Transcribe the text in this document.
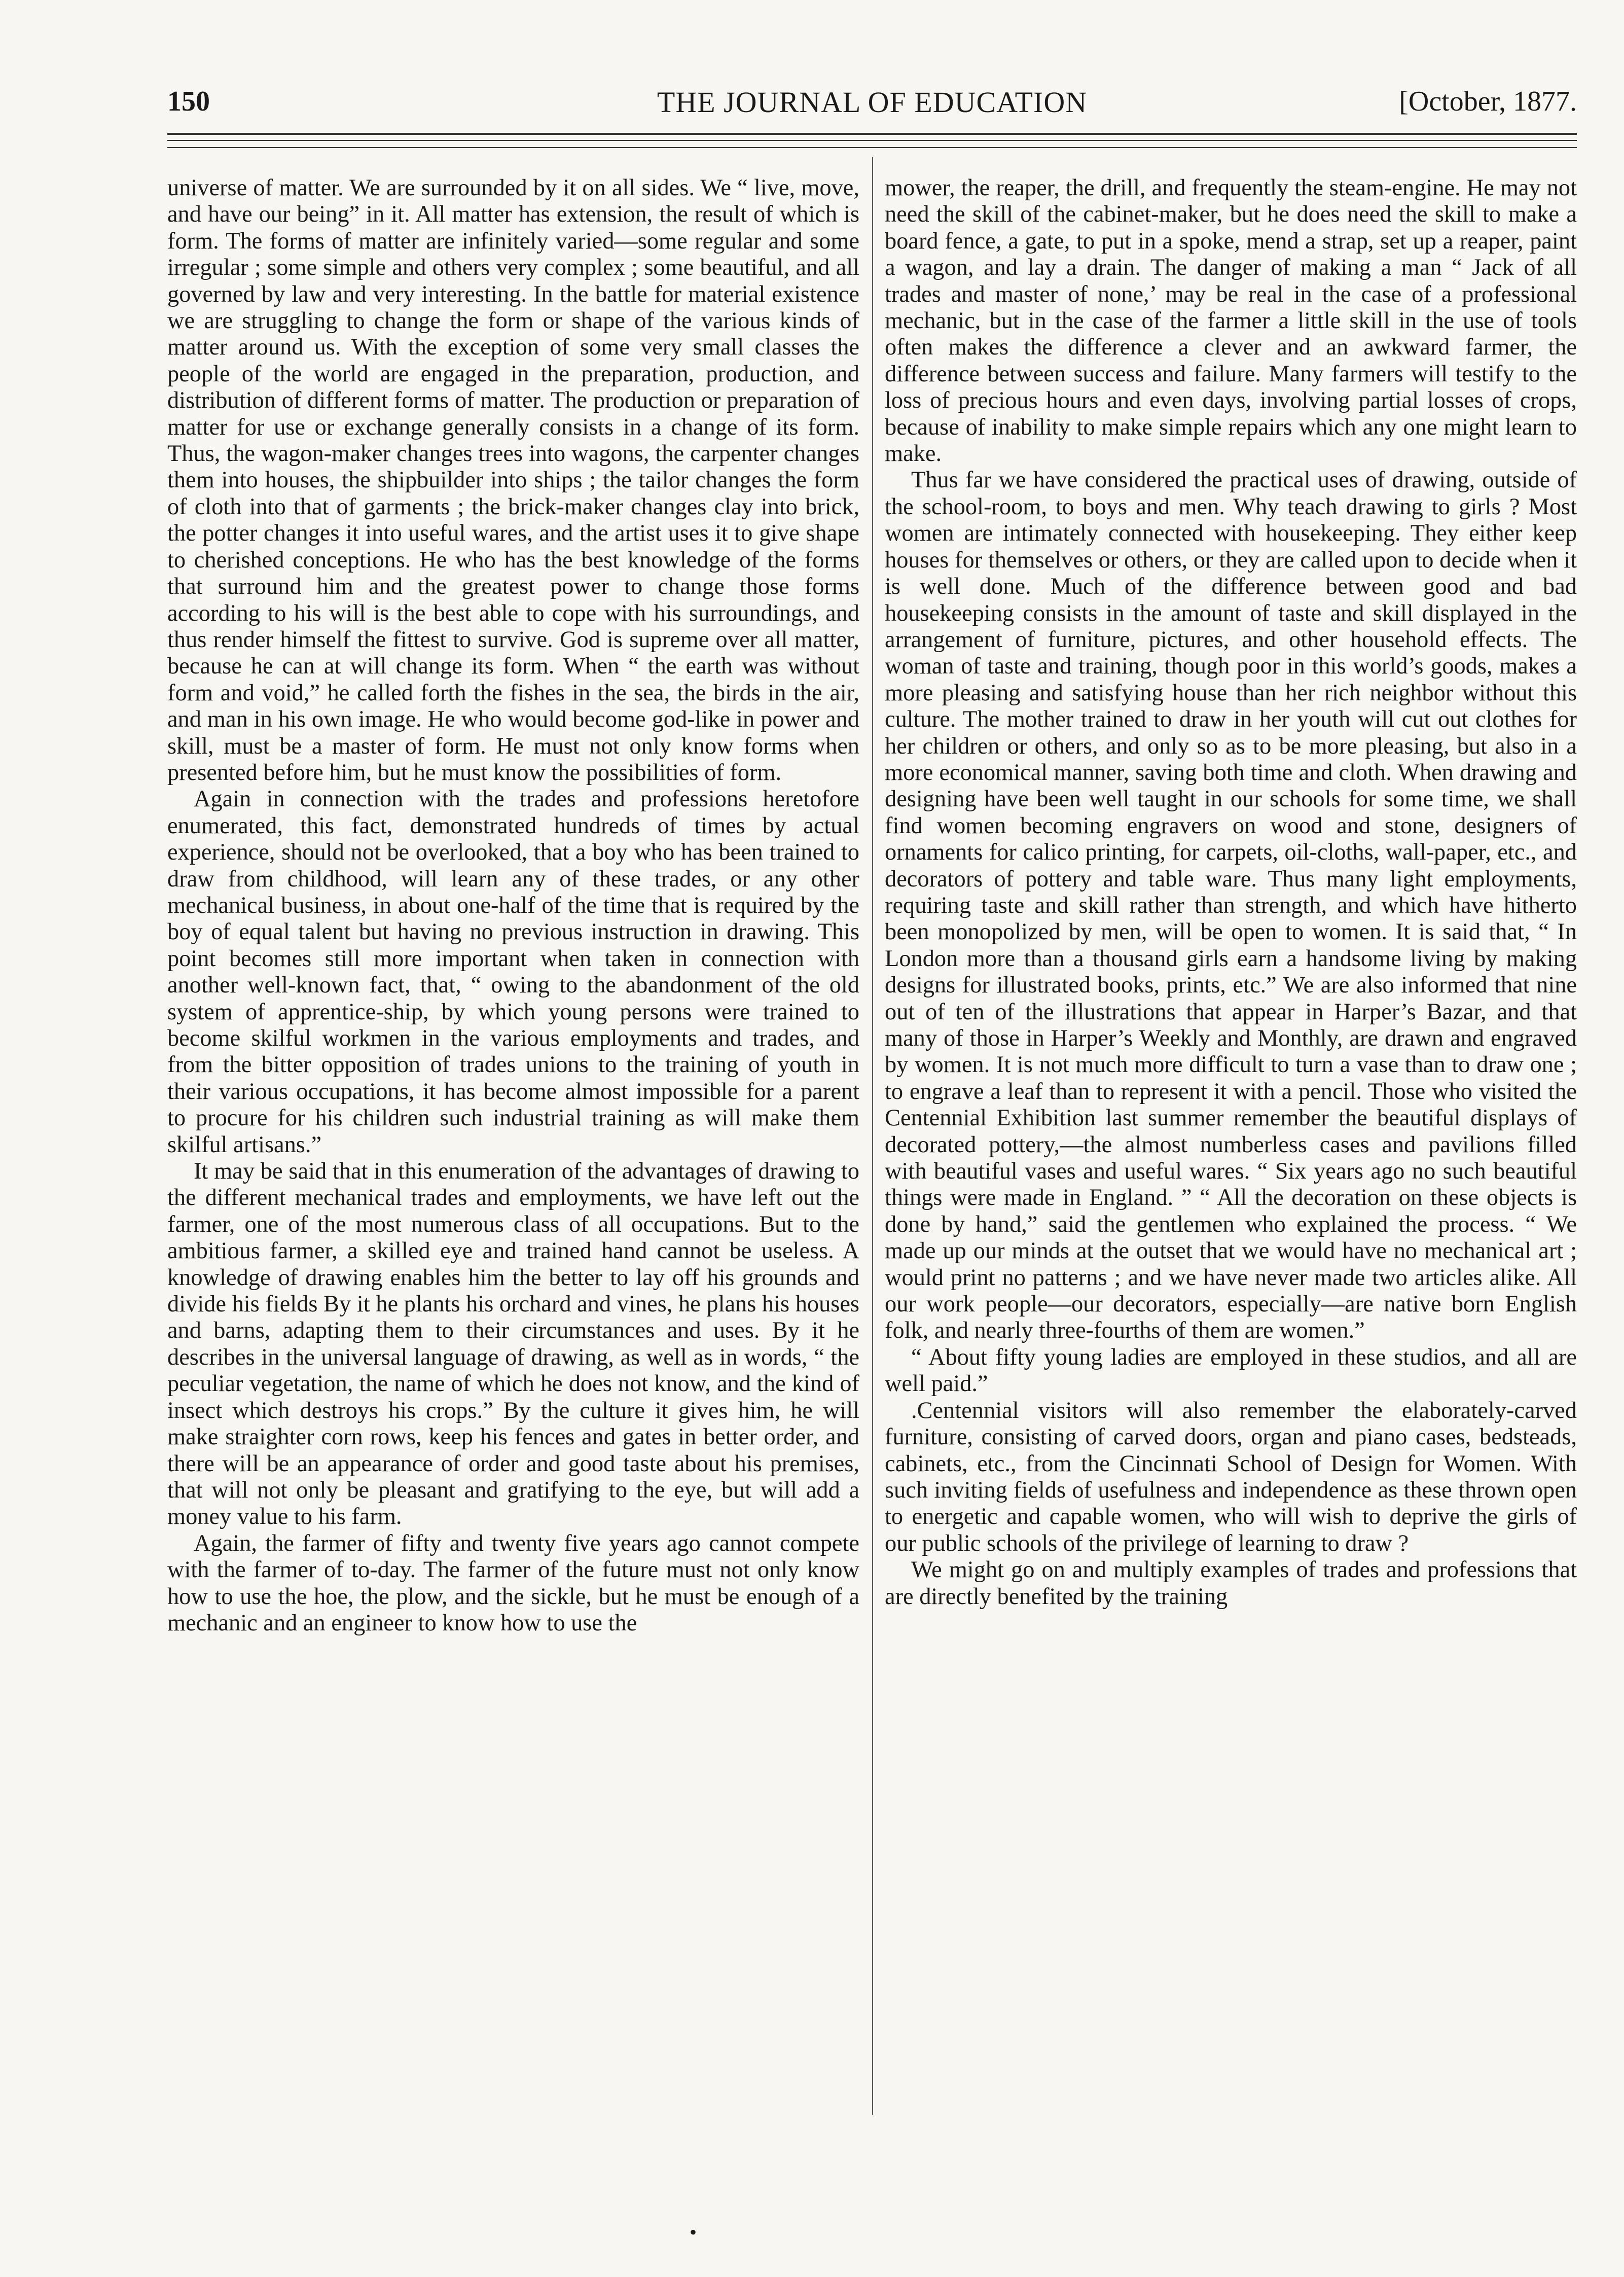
150	THE JOURNAL OF EDUCATION	[October, 1877.

universe of matter. We are surrounded by it on all sides. We “ live, move, and have our being” in it. All matter has extension, the result of which is form. The forms of matter are infinitely varied—some regular and some irregular ; some simple and others very complex ; some beautiful, and all governed by law and very interesting. In the battle for material existence we are struggling to change the form or shape of the various kinds of matter around us. With the exception of some very small classes the people of the world are engaged in the preparation, production, and distribution of different forms of matter. The production or preparation of matter for use or exchange generally consists in a change of its form. Thus, the wagon-maker changes trees into wagons, the carpenter changes them into houses, the shipbuilder into ships ; the tailor changes the form of cloth into that of garments ; the brick-maker changes clay into brick, the potter changes it into useful wares, and the artist uses it to give shape to cherished conceptions. He who has the best knowledge of the forms that surround him and the greatest power to change those forms according to his will is the best able to cope with his surroundings, and thus render himself the fittest to survive. God is supreme over all matter, because he can at will change its form. When “ the earth was without form and void,” he called forth the fishes in the sea, the birds in the air, and man in his own image. He who would become god-like in power and skill, must be a master of form. He must not only know forms when presented before him, but he must know the possibilities of form.

Again in connection with the trades and professions heretofore enumerated, this fact, demonstrated hundreds of times by actual experience, should not be overlooked, that a boy who has been trained to draw from childhood, will learn any of these trades, or any other mechanical business, in about one-half of the time that is required by the boy of equal talent but having no previous instruction in drawing. This point becomes still more important when taken in connection with another well-known fact, that, “ owing to the abandonment of the old system of apprentice-ship, by which young persons were trained to become skilful workmen in the various employments and trades, and from the bitter opposition of trades unions to the training of youth in their various occupations, it has become almost impossible for a parent to procure for his children such industrial training as will make them skilful artisans.”

It may be said that in this enumeration of the advantages of drawing to the different mechanical trades and employments, we have left out the farmer, one of the most numerous class of all occupations. But to the ambitious farmer, a skilled eye and trained hand cannot be useless. A knowledge of drawing enables him the better to lay off his grounds and divide his fields By it he plants his orchard and vines, he plans his houses and barns, adapting them to their circumstances and uses. By it he describes in the universal language of drawing, as well as in words, “ the peculiar vegetation, the name of which he does not know, and the kind of insect which destroys his crops.” By the culture it gives him, he will make straighter corn rows, keep his fences and gates in better order, and there will be an appearance of order and good taste about his premises, that will not only be pleasant and gratifying to the eye, but will add a money value to his farm.

Again, the farmer of fifty and twenty five years ago cannot compete with the farmer of to-day. The farmer of the future must not only know how to use the hoe, the plow, and the sickle, but he must be enough of a mechanic and an engineer to know how to use the

mower, the reaper, the drill, and frequently the steam-engine. He may not need the skill of the cabinet-maker, but he does need the skill to make a board fence, a gate, to put in a spoke, mend a strap, set up a reaper, paint a wagon, and lay a drain. The danger of making a man “ Jack of all trades and master of none,’ may be real in the case of a professional mechanic, but in the case of the farmer a little skill in the use of tools often makes the difference a clever and an awkward farmer, the difference between success and failure. Many farmers will testify to the loss of precious hours and even days, involving partial losses of crops, because of inability to make simple repairs which any one might learn to make.

Thus far we have considered the practical uses of drawing, outside of the school-room, to boys and men. Why teach drawing to girls ? Most women are intimately connected with housekeeping. They either keep houses for themselves or others, or they are called upon to decide when it is well done. Much of the difference between good and bad housekeeping consists in the amount of taste and skill displayed in the arrangement of furniture, pictures, and other household effects. The woman of taste and training, though poor in this world’s goods, makes a more pleasing and satisfying house than her rich neighbor without this culture. The mother trained to draw in her youth will cut out clothes for her children or others, and only so as to be more pleasing, but also in a more economical manner, saving both time and cloth. When drawing and designing have been well taught in our schools for some time, we shall find women becoming engravers on wood and stone, designers of ornaments for calico printing, for carpets, oil-cloths, wall-paper, etc., and decorators of pottery and table ware. Thus many light employments, requiring taste and skill rather than strength, and which have hitherto been monopolized by men, will be open to women. It is said that, “ In London more than a thousand girls earn a handsome living by making designs for illustrated books, prints, etc.” We are also informed that nine out of ten of the illustrations that appear in Harper’s Bazar, and that many of those in Harper’s Weekly and Monthly, are drawn and engraved by women. It is not much more difficult to turn a vase than to draw one ; to engrave a leaf than to represent it with a pencil. Those who visited the Centennial Exhibition last summer remember the beautiful displays of decorated pottery,—the almost numberless cases and pavilions filled with beautiful vases and useful wares. “ Six years ago no such beautiful things were made in England. ” “ All the decoration on these objects is done by hand,” said the gentlemen who explained the process. “ We made up our minds at the outset that we would have no mechanical art ; would print no patterns ; and we have never made two articles alike. All our work people—our decorators, especially—are native born English folk, and nearly three-fourths of them are women.”

“ About fifty young ladies are employed in these studios, and all are well paid.”

.Centennial visitors will also remember the elaborately-carved furniture, consisting of carved doors, organ and piano cases, bedsteads, cabinets, etc., from the Cincinnati School of Design for Women. With such inviting fields of usefulness and independence as these thrown open to energetic and capable women, who will wish to deprive the girls of our public schools of the privilege of learning to draw ?

We might go on and multiply examples of trades and professions that are directly benefited by the training

•
